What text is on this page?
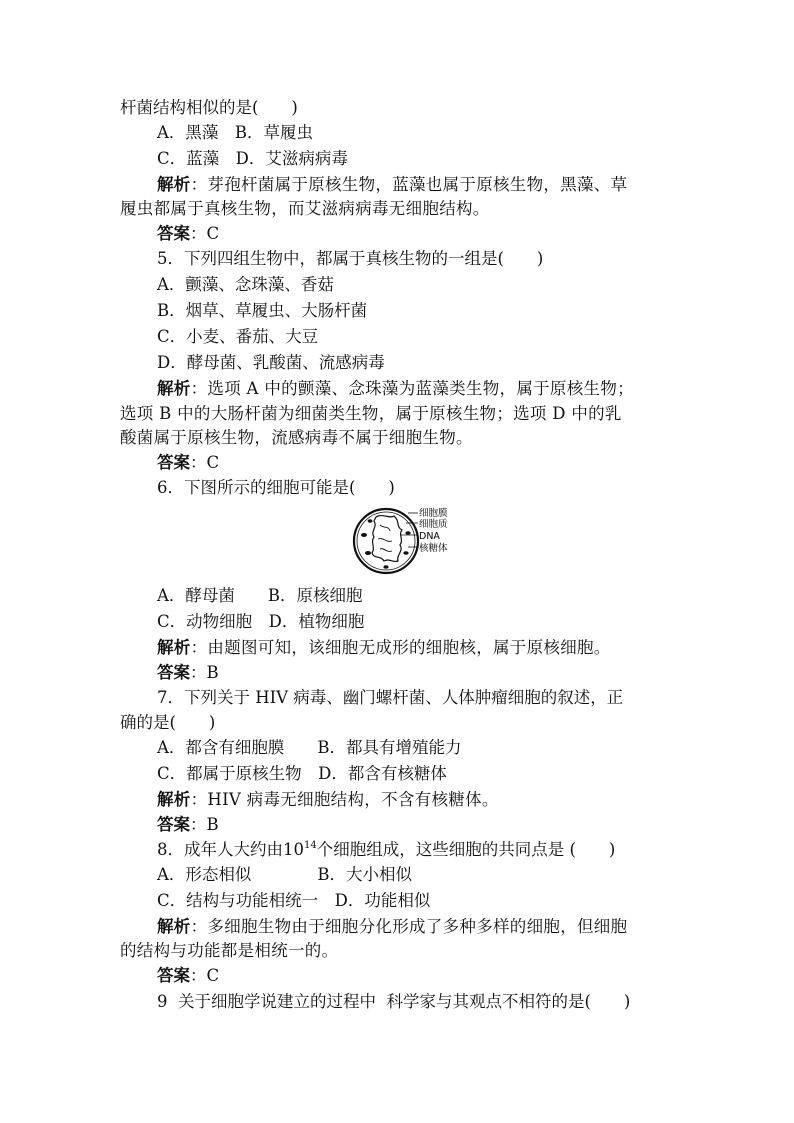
杆菌结构相似的是(　　)
A．黑藻　B．草履虫
C．蓝藻　D．艾滋病病毒
解析：芽孢杆菌属于原核生物，蓝藻也属于原核生物，黑藻、草
履虫都属于真核生物，而艾滋病病毒无细胞结构。
答案：C
5．下列四组生物中，都属于真核生物的一组是(　　)
A．颤藻、念珠藻、香菇
B．烟草、草履虫、大肠杆菌
C．小麦、番茄、大豆
D．酵母菌、乳酸菌、流感病毒
解析：选项 A 中的颤藻、念珠藻为蓝藻类生物，属于原核生物；
选项 B 中的大肠杆菌为细菌类生物，属于原核生物；选项 D 中的乳
酸菌属于原核生物，流感病毒不属于细胞生物。
答案：C
6．下图所示的细胞可能是(　　)
细胞膜
细胞质
DNA
核糖体
A．酵母菌　　B．原核细胞
C．动物细胞　D．植物细胞
解析：由题图可知，该细胞无成形的细胞核，属于原核细胞。
答案：B
7．下列关于 HIV 病毒、幽门螺杆菌、人体肿瘤细胞的叙述，正
确的是(　　)
A．都含有细胞膜　　B．都具有增殖能力
C．都属于原核生物　D．都含有核糖体
解析：HIV 病毒无细胞结构，不含有核糖体。
答案：B
8．成年人大约由$10^{14}$个细胞组成，这些细胞的共同点是 (　　)
A．形态相似　　　　B．大小相似
C．结构与功能相统一　D．功能相似
解析：多细胞生物由于细胞分化形成了多种多样的细胞，但细胞
的结构与功能都是相统一的。
答案：C
9  关于细胞学说建立的过程中  科学家与其观点不相符的是(　　)
